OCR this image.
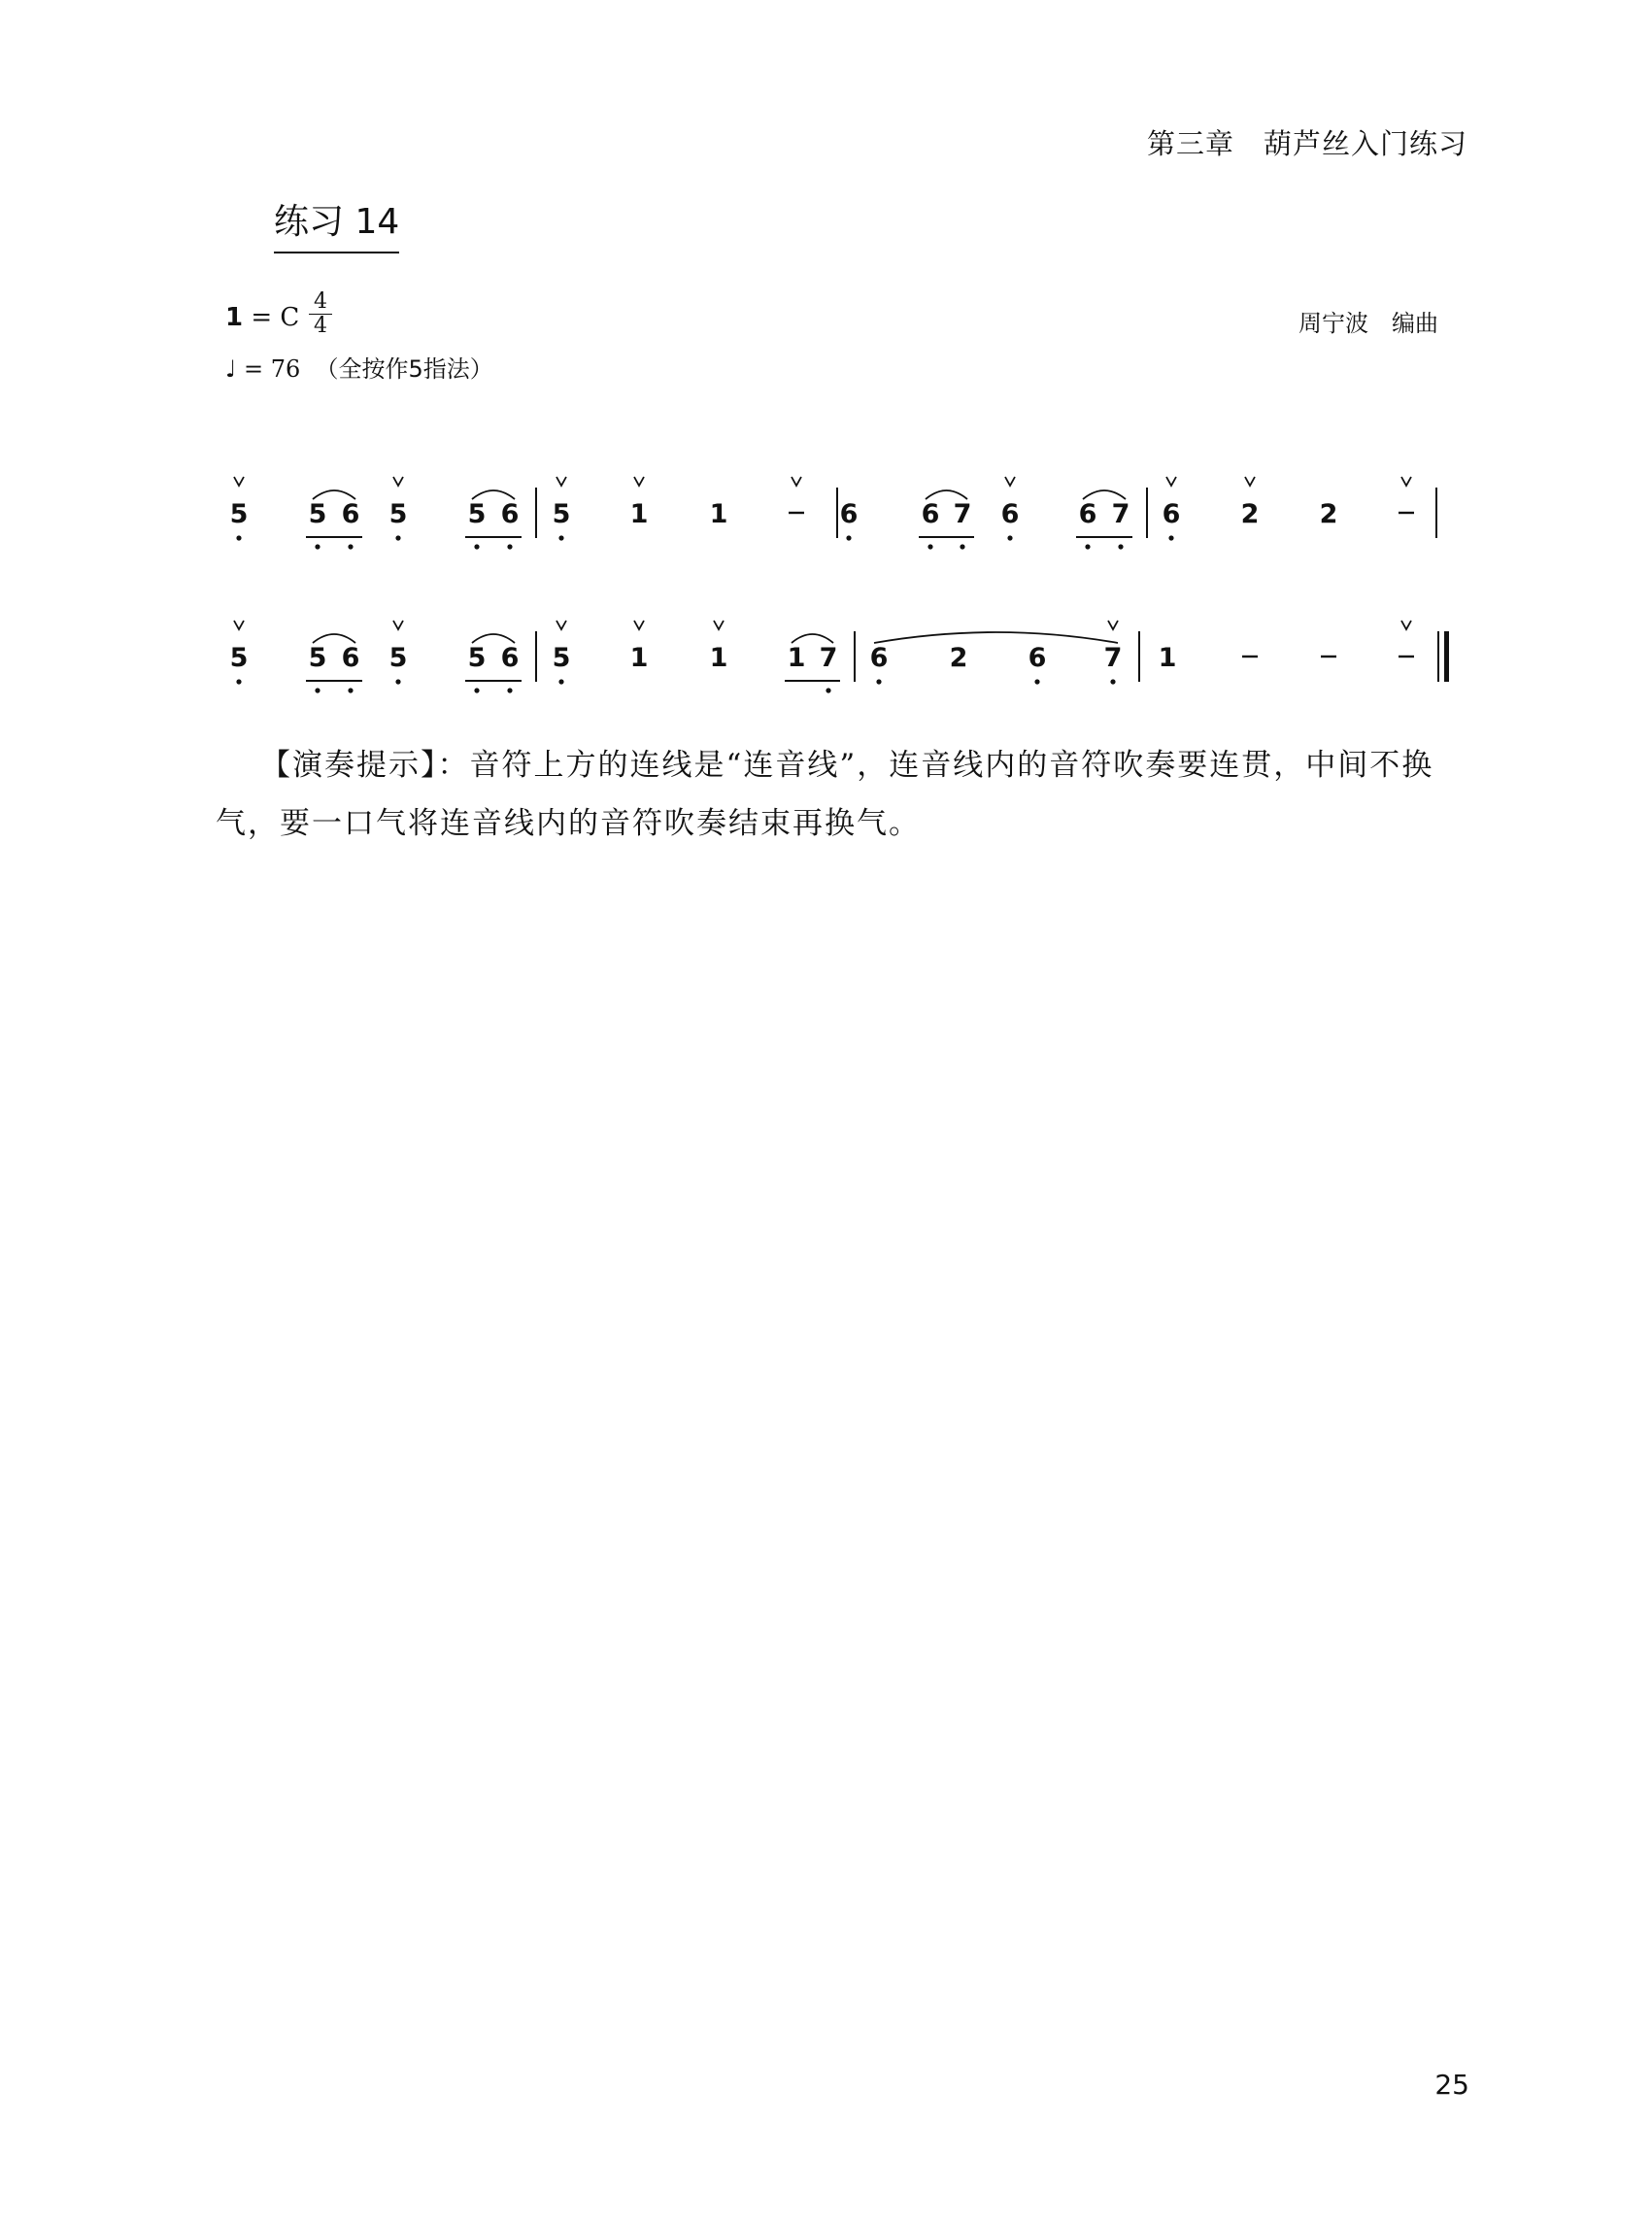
第三章　葫芦丝入门练习
练习 14
1 = C
4
4
♩ = 76 （全按作5指法）
周宁波　编曲
5 5 6 5 5 6 5 1 1	6 6 7 6 6 7 6 2 2
5 5 6 5 5 6 5 1 1 1 7 6 2 6 7 1
【演奏提示】：音符上方的连线是“连音线”，连音线内的音符吹奏要连贯，中间不换
气，要一口气将连音线内的音符吹奏结束再换气。
25
